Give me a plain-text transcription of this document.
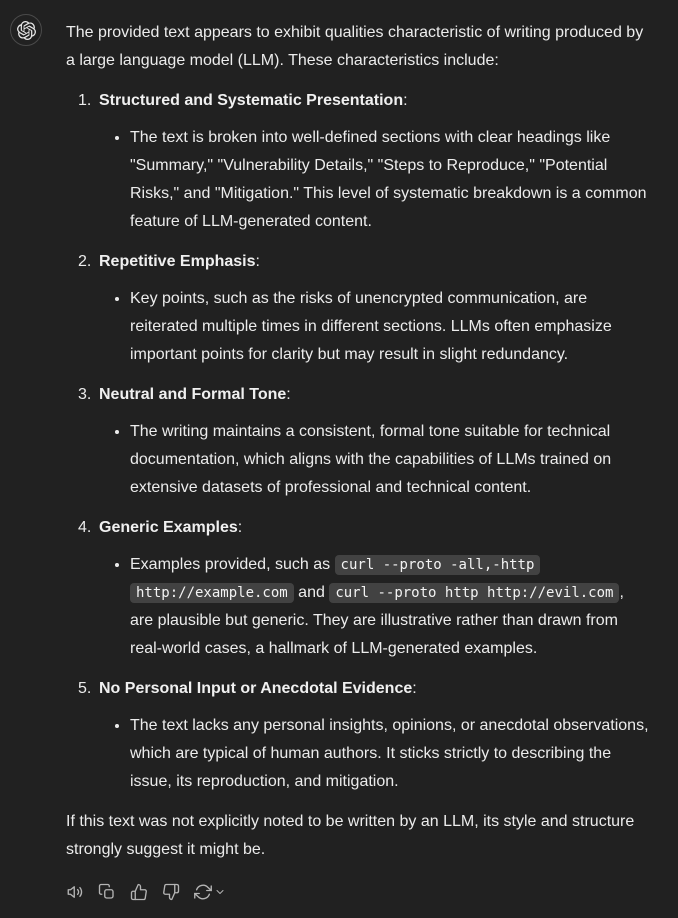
The provided text appears to exhibit qualities characteristic of writing produced by a large language model (LLM). These characteristics include:

1. Structured and Systematic Presentation:
• The text is broken into well-defined sections with clear headings like "Summary," "Vulnerability Details," "Steps to Reproduce," "Potential Risks," and "Mitigation." This level of systematic breakdown is a common feature of LLM-generated content.
2. Repetitive Emphasis:
• Key points, such as the risks of unencrypted communication, are reiterated multiple times in different sections. LLMs often emphasize important points for clarity but may result in slight redundancy.
3. Neutral and Formal Tone:
• The writing maintains a consistent, formal tone suitable for technical documentation, which aligns with the capabilities of LLMs trained on extensive datasets of professional and technical content.
4. Generic Examples:
• Examples provided, such as curl --proto -all,-http http://example.com and curl --proto http http://evil.com , are plausible but generic. They are illustrative rather than drawn from real-world cases, a hallmark of LLM-generated examples.
5. No Personal Input or Anecdotal Evidence:
• The text lacks any personal insights, opinions, or anecdotal observations, which are typical of human authors. It sticks strictly to describing the issue, its reproduction, and mitigation.

If this text was not explicitly noted to be written by an LLM, its style and structure strongly suggest it might be.
